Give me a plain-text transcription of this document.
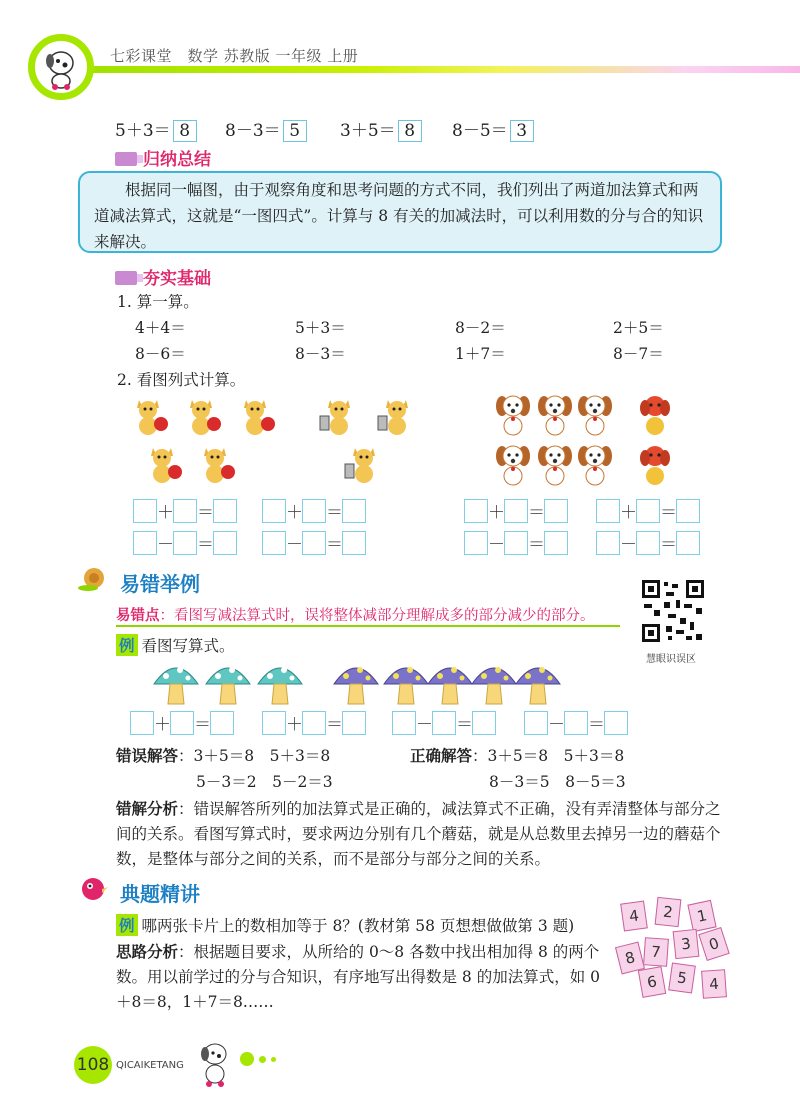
七彩课堂　数学 苏教版 一年级 上册
5＋3＝ 8	8－3＝ 5	3＋5＝ 8	8－5＝ 3
归纳总结
根据同一幅图，由于观察角度和思考问题的方式不同，我们列出了两道加法算式和两道减法算式，这就是“一图四式”。计算与 8 有关的加减法时，可以利用数的分与合的知识来解决。
夯实基础
1. 算一算。
4＋4＝	5＋3＝	8－2＝	2＋5＝
8－6＝	8－3＝	1＋7＝	8－7＝
2. 看图列式计算。
＋ ＝
－ ＝
＋ ＝
－ ＝
＋ ＝
－ ＝
＋ ＝
－ ＝
易错举例
易错点：看图写减法算式时，误将整体减部分理解成多的部分减少的部分。
慧眼识误区
例 看图写算式。
＋ ＝	＋ ＝	－ ＝	－ ＝
错误解答：3＋5＝8　5＋3＝8
5－3＝2　5－2＝3
正确解答：3＋5＝8　5＋3＝8
8－3＝5　8－5＝3
错解分析：错误解答所列的加法算式是正确的，减法算式不正确，没有弄清整体与部分之间的关系。看图写算式时，要求两边分别有几个蘑菇，就是从总数里去掉另一边的蘑菇个数，是整体与部分之间的关系，而不是部分与部分之间的关系。
典题精讲
例 哪两张卡片上的数相加等于 8？(教材第 58 页想想做做第 3 题)
思路分析：根据题目要求，从所给的 0～8 各数中找出相加得 8 的两个数。用以前学过的分与合知识，有序地写出得数是 8 的加法算式，如 0＋8＝8，1＋7＝8……
4	2	1
8 7	3 0
6	5	4
108 QICAIKETANG
